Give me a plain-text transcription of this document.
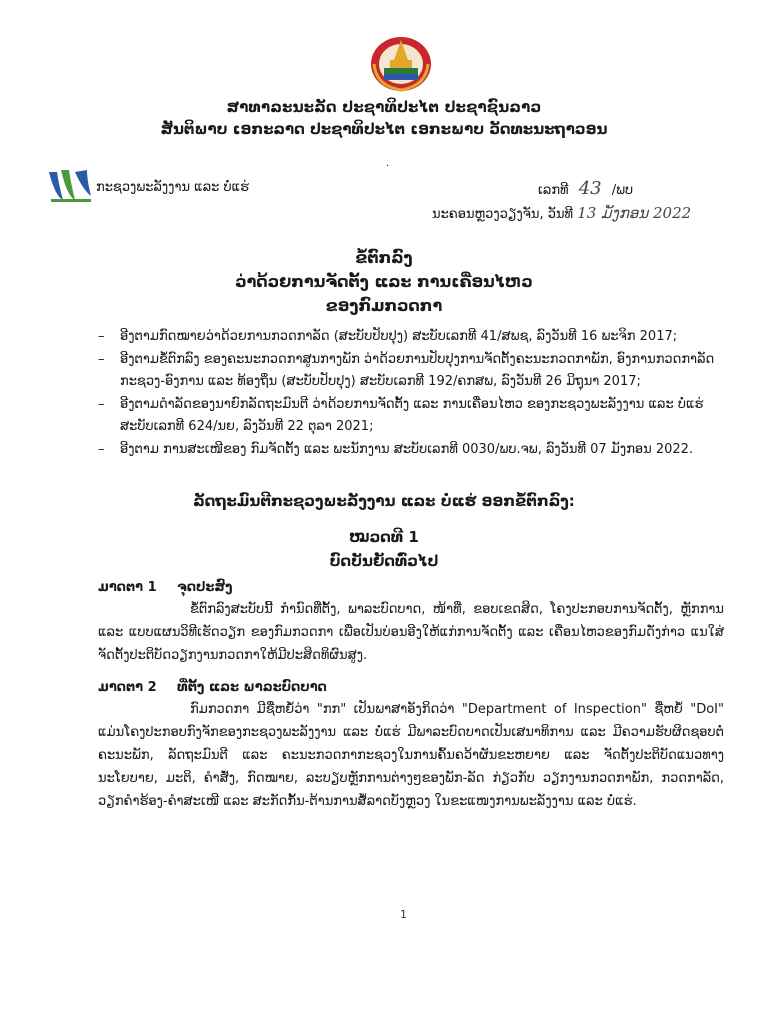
ສາທາລະນະລັດ ປະຊາທິປະໄຕ ປະຊາຊົນລາວ
ສັນຕິພາບ ເອກະລາດ ປະຊາທິປະໄຕ ເອກະພາບ ວັດທະນະຖາວອນ
.
ກະຊວງພະລັງງານ ແລະ ບໍ່ແຮ່	ເລກທີ 43 /ພບ
ນະຄອນຫຼວງວຽງຈັນ, ວັນທີ 13 ມັງກອນ 2022
ຂໍ້ຕົກລົງ
ວ່າດ້ວຍການຈັດຕັ້ງ ແລະ ການເຄື່ອນໄຫວ
ຂອງກົມກວດກາ
– ອີງຕາມກົດໝາຍວ່າດ້ວຍການກວດກາລັດ (ສະບັບປັບປຸງ) ສະບັບເລກທີ 41/ສພຊ, ລົງວັນທີ 16 ພະຈິກ 2017;
– ອີງຕາມຂໍ້ຕົກລົງ ຂອງຄະນະກວດກາສູນກາງພັກ ວ່າດ້ວຍການປັບປຸງການຈັດຕັ້ງຄະນະກວດກາພັກ, ອົງການກວດກາລັດ ກະຊວງ-ອົງການ ແລະ ທ້ອງຖິ່ນ (ສະບັບປັບປຸງ) ສະບັບເລກທີ 192/ຄກສພ, ລົງວັນທີ 26 ມິຖຸນາ 2017;
– ອີງຕາມດຳລັດຂອງນາຍົກລັດຖະມົນຕີ ວ່າດ້ວຍການຈັດຕັ້ງ ແລະ ການເຄື່ອນໄຫວ ຂອງກະຊວງພະລັງງານ ແລະ ບໍ່ແຮ່ ສະບັບເລກທີ 624/ນຍ, ລົງວັນທີ 22 ຕຸລາ 2021;
– ອີງຕາມ ການສະເໜີຂອງ ກົມຈັດຕັ້ງ ແລະ ພະນັກງານ ສະບັບເລກທີ 0030/ພບ.ຈພ, ລົງວັນທີ 07 ມັງກອນ 2022.
ລັດຖະມົນຕີກະຊວງພະລັງງານ ແລະ ບໍ່ແຮ່ ອອກຂໍ້ຕົກລົງ:
ໝວດທີ 1
ບົດບັນຍັດທົ່ວໄປ
ມາດຕາ 1 ຈຸດປະສົງ
ຂໍ້ຕົກລົງສະບັບນີ້ ກຳນົດທີ່ຕັ້ງ, ພາລະບົດບາດ, ໜ້າທີ່, ຂອບເຂດສິດ, ໂຄງປະກອບການຈັດຕັ້ງ, ຫຼັກການ ແລະ ແບບແຜນວິທີເຮັດວຽກ ຂອງກົມກວດກາ ເພື່ອເປັນບ່ອນອີງໃຫ້ແກ່ການຈັດຕັ້ງ ແລະ ເຄື່ອນໄຫວຂອງກົມດັ່ງກ່າວ ແນໃສ່ຈັດຕັ້ງປະຕິບັດວຽກງານກວດກາໃຫ້ມີປະສິດທິຜົນສູງ.
ມາດຕາ 2 ທີ່ຕັ້ງ ແລະ ພາລະບົດບາດ
ກົມກວດກາ ມີຊື່ຫຍໍ້ວ່າ "ກກ" ເປັນພາສາອັງກິດວ່າ "Department of Inspection" ຊື່ຫຍໍ້ "DoI" ແມ່ນໂຄງປະກອບກົງຈັກຂອງກະຊວງພະລັງງານ ແລະ ບໍ່ແຮ່ ມີພາລະບົດບາດເປັນເສນາທິການ ແລະ ມີຄວາມຮັບຜິດຊອບຕໍ່ຄະນະພັກ, ລັດຖະມົນຕີ ແລະ ຄະນະກວດກາກະຊວງໃນການຄົ້ນຄວ້າຜັນຂະຫຍາຍ ແລະ ຈັດຕັ້ງປະຕິບັດແນວທາງນະໂຍບາຍ, ມະຕິ, ຄຳສັ່ງ, ກົດໝາຍ, ລະບຽບຫຼັກການຕ່າງໆຂອງພັກ-ລັດ ກ່ຽວກັບ ວຽກງານກວດກາພັກ, ກວດກາລັດ, ວຽກຄຳຮ້ອງ-ຄຳສະເໜີ ແລະ ສະກັດກັ້ນ-ຕ້ານການສໍ້ລາດບັງຫຼວງ ໃນຂະແໜງການພະລັງງານ ແລະ ບໍ່ແຮ່.
1
